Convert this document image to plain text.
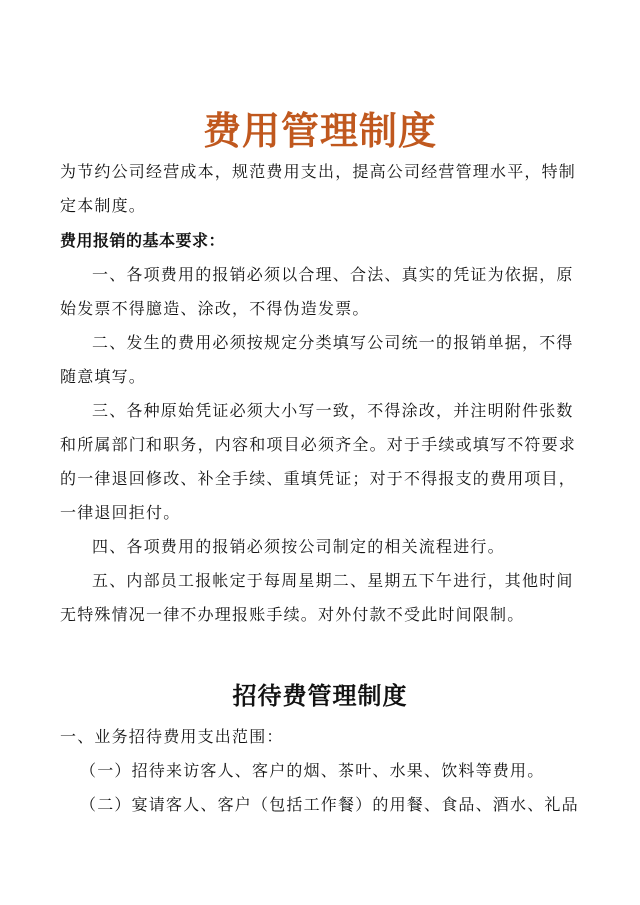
费用管理制度
为节约公司经营成本，规范费用支出，提高公司经营管理水平，特制
定本制度。
费用报销的基本要求：
一、各项费用的报销必须以合理、合法、真实的凭证为依据，原
始发票不得臆造、涂改，不得伪造发票。
二、发生的费用必须按规定分类填写公司统一的报销单据，不得
随意填写。
三、各种原始凭证必须大小写一致，不得涂改，并注明附件张数
和所属部门和职务，内容和项目必须齐全。对于手续或填写不符要求
的一律退回修改、补全手续、重填凭证；对于不得报支的费用项目，
一律退回拒付。
四、各项费用的报销必须按公司制定的相关流程进行。
五、内部员工报帐定于每周星期二、星期五下午进行，其他时间
无特殊情况一律不办理报账手续。对外付款不受此时间限制。
招待费管理制度
一、业务招待费用支出范围：
（一）招待来访客人、客户的烟、茶叶、水果、饮料等费用。
（二）宴请客人、客户（包括工作餐）的用餐、食品、酒水、礼品
